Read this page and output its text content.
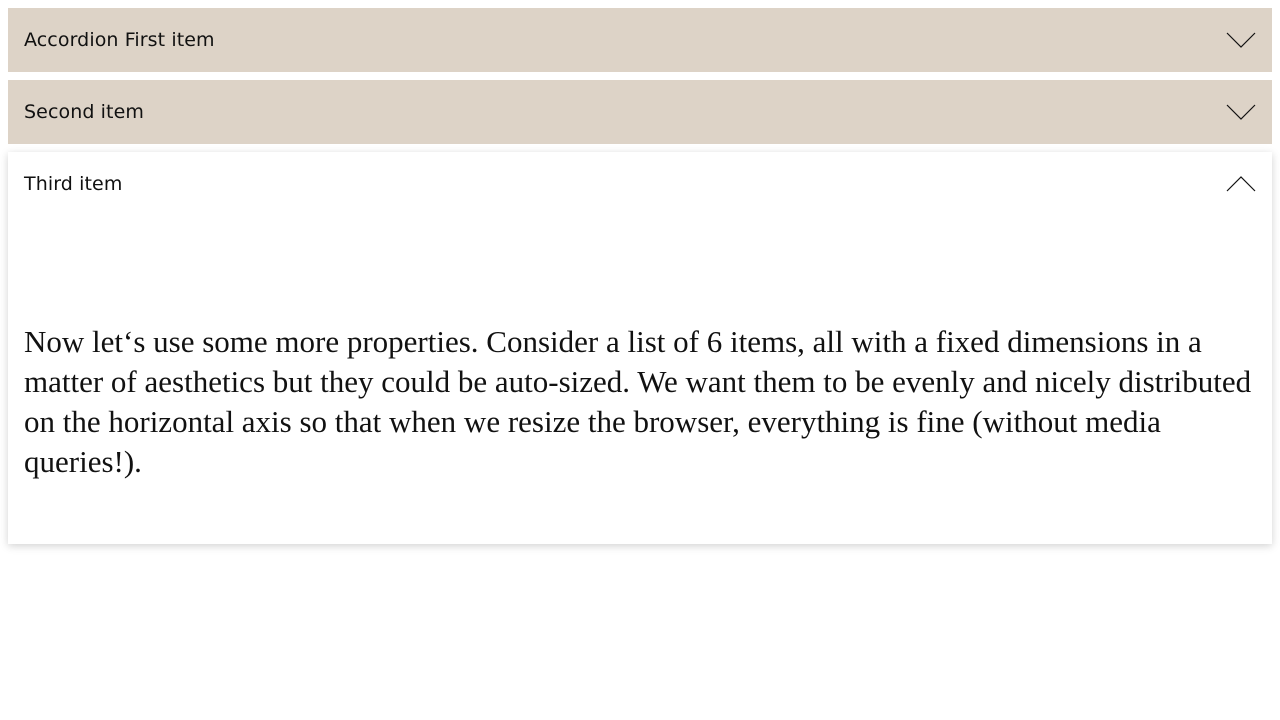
Accordion First item
Second item
Third item

Now let‘s use some more properties. Consider a list of 6 items, all with a fixed dimensions in a matter of aesthetics but they could be auto-sized. We want them to be evenly and nicely distributed on the horizontal axis so that when we resize the browser, everything is fine (without media queries!).
